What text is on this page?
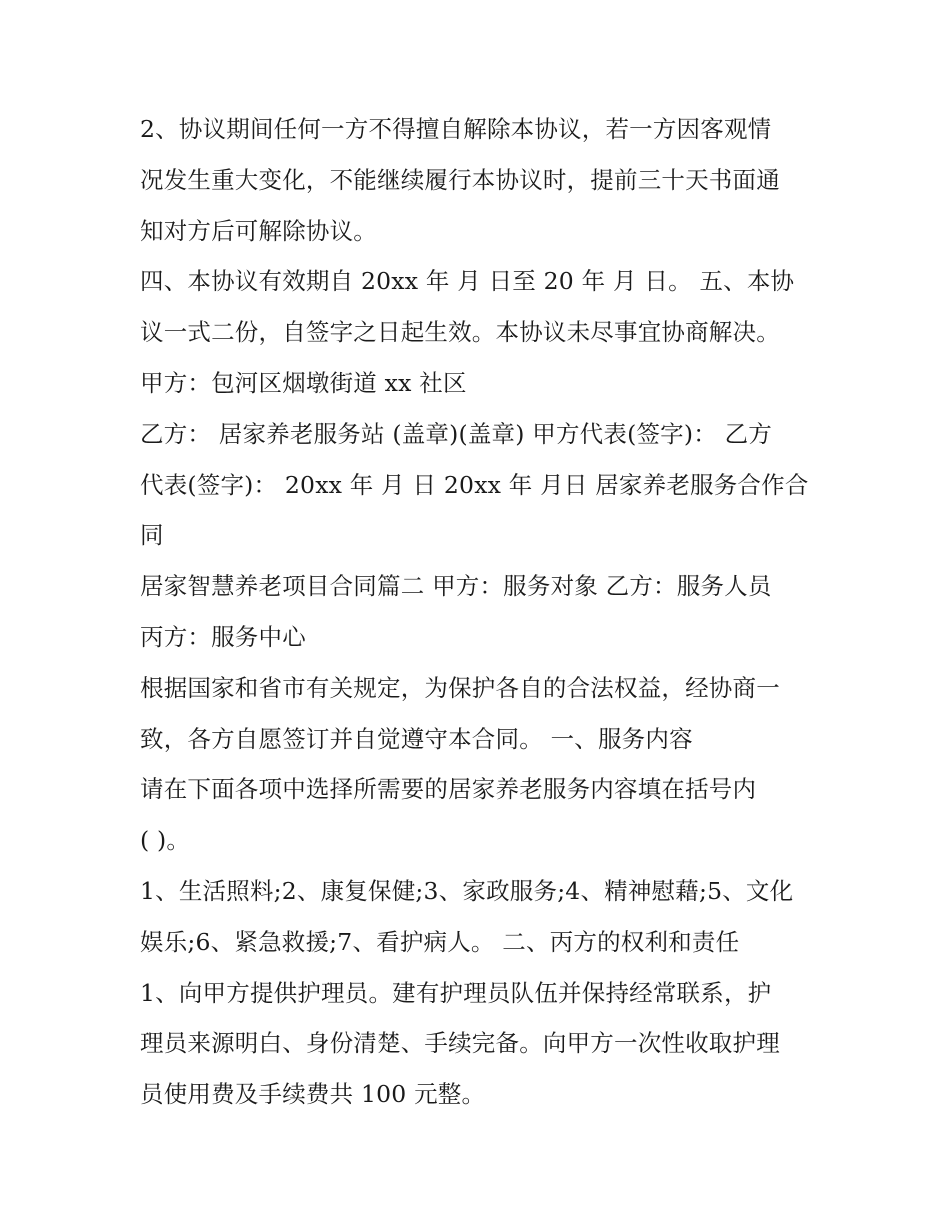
2、协议期间任何一方不得擅自解除本协议，若一方因客观情
况发生重大变化，不能继续履行本协议时，提前三十天书面通
知对方后可解除协议。
四、本协议有效期自 20xx 年 月 日至 20 年 月 日。 五、本协
议一式二份，自签字之日起生效。本协议未尽事宜协商解决。
甲方：包河区烟墩街道 xx 社区
乙方： 居家养老服务站 (盖章)(盖章) 甲方代表(签字)： 乙方
代表(签字)： 20xx 年 月 日 20xx 年 月日 居家养老服务合作合
同
居家智慧养老项目合同篇二 甲方：服务对象 乙方：服务人员
丙方：服务中心
根据国家和省市有关规定，为保护各自的合法权益，经协商一
致，各方自愿签订并自觉遵守本合同。 一、服务内容
请在下面各项中选择所需要的居家养老服务内容填在括号内
( )。
1、生活照料;2、康复保健;3、家政服务;4、精神慰藉;5、文化
娱乐;6、紧急救援;7、看护病人。 二、丙方的权利和责任
1、向甲方提供护理员。建有护理员队伍并保持经常联系，护
理员来源明白、身份清楚、手续完备。向甲方一次性收取护理
员使用费及手续费共 100 元整。
